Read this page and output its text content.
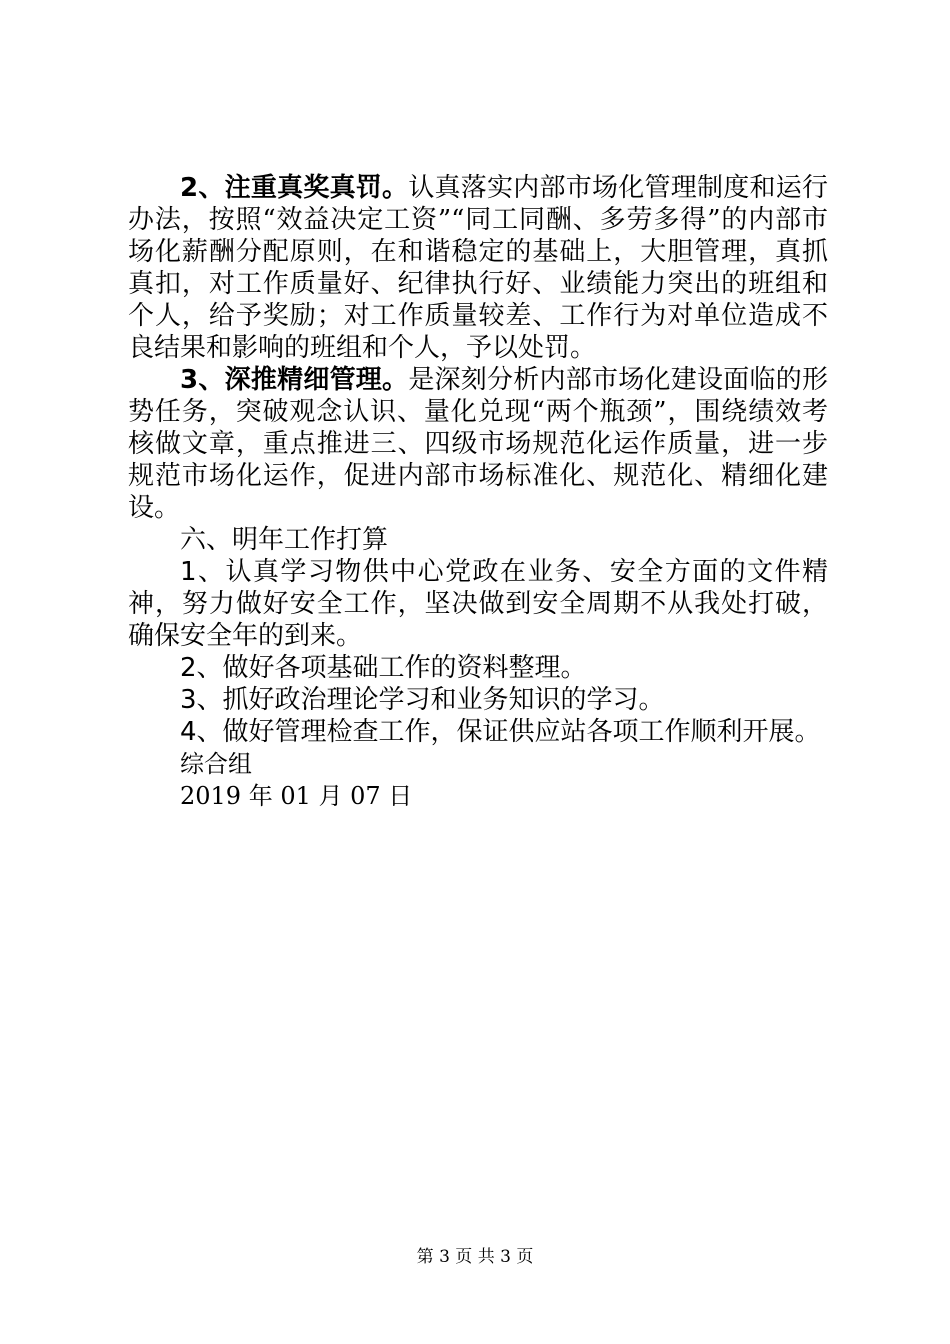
2、注重真奖真罚。认真落实内部市场化管理制度和运行办法，按照“效益决定工资”“同工同酬、多劳多得”的内部市场化薪酬分配原则，在和谐稳定的基础上，大胆管理，真抓真扣，对工作质量好、纪律执行好、业绩能力突出的班组和个人，给予奖励；对工作质量较差、工作行为对单位造成不良结果和影响的班组和个人，予以处罚。

3、深推精细管理。是深刻分析内部市场化建设面临的形势任务，突破观念认识、量化兑现“两个瓶颈”，围绕绩效考核做文章，重点推进三、四级市场规范化运作质量，进一步规范市场化运作，促进内部市场标准化、规范化、精细化建设。

六、明年工作打算

1、认真学习物供中心党政在业务、安全方面的文件精神，努力做好安全工作，坚决做到安全周期不从我处打破，确保安全年的到来。

2、做好各项基础工作的资料整理。

3、抓好政治理论学习和业务知识的学习。

4、做好管理检查工作，保证供应站各项工作顺利开展。

综合组

2019 年 01 月 07 日

第 3 页 共 3 页
